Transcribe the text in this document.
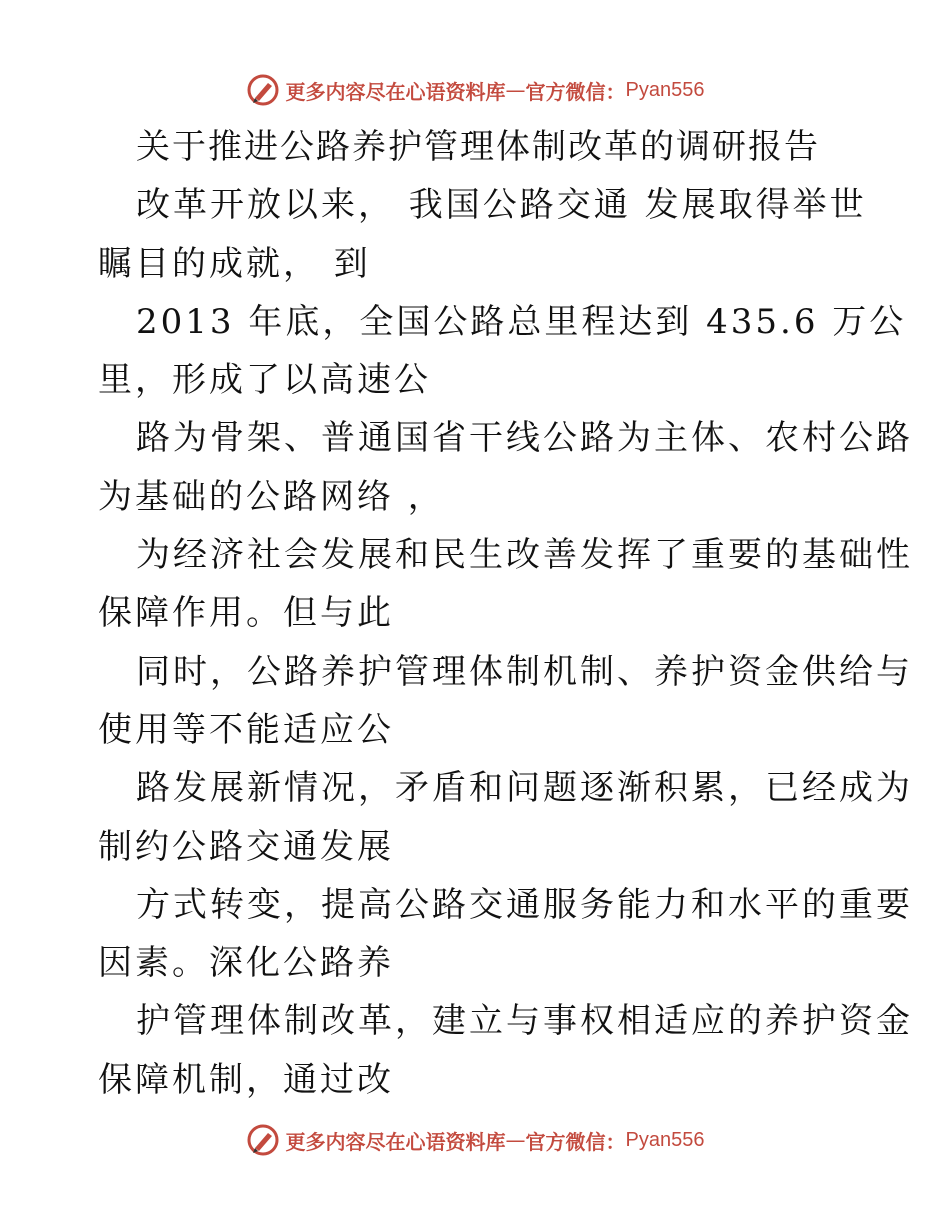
更多内容尽在心语资料库 — 官方微信： Pyan556
关于推进公路养护管理体制改革的调研报告
改革开放以来， 我国公路交通 发展取得举世
瞩目的成就， 到
2013 年底，全国公路总里程达到 435.6 万公
里，形成了以高速公
路为骨架、普通国省干线公路为主体、农村公路
为基础的公路网络 ，
为经济社会发展和民生改善发挥了重要的基础性
保障作用。但与此
同时，公路养护管理体制机制、养护资金供给与
使用等不能适应公
路发展新情况，矛盾和问题逐渐积累，已经成为
制约公路交通发展
方式转变，提高公路交通服务能力和水平的重要
因素。深化公路养
护管理体制改革，建立与事权相适应的养护资金
保障机制，通过改
更多内容尽在心语资料库 — 官方微信： Pyan556
